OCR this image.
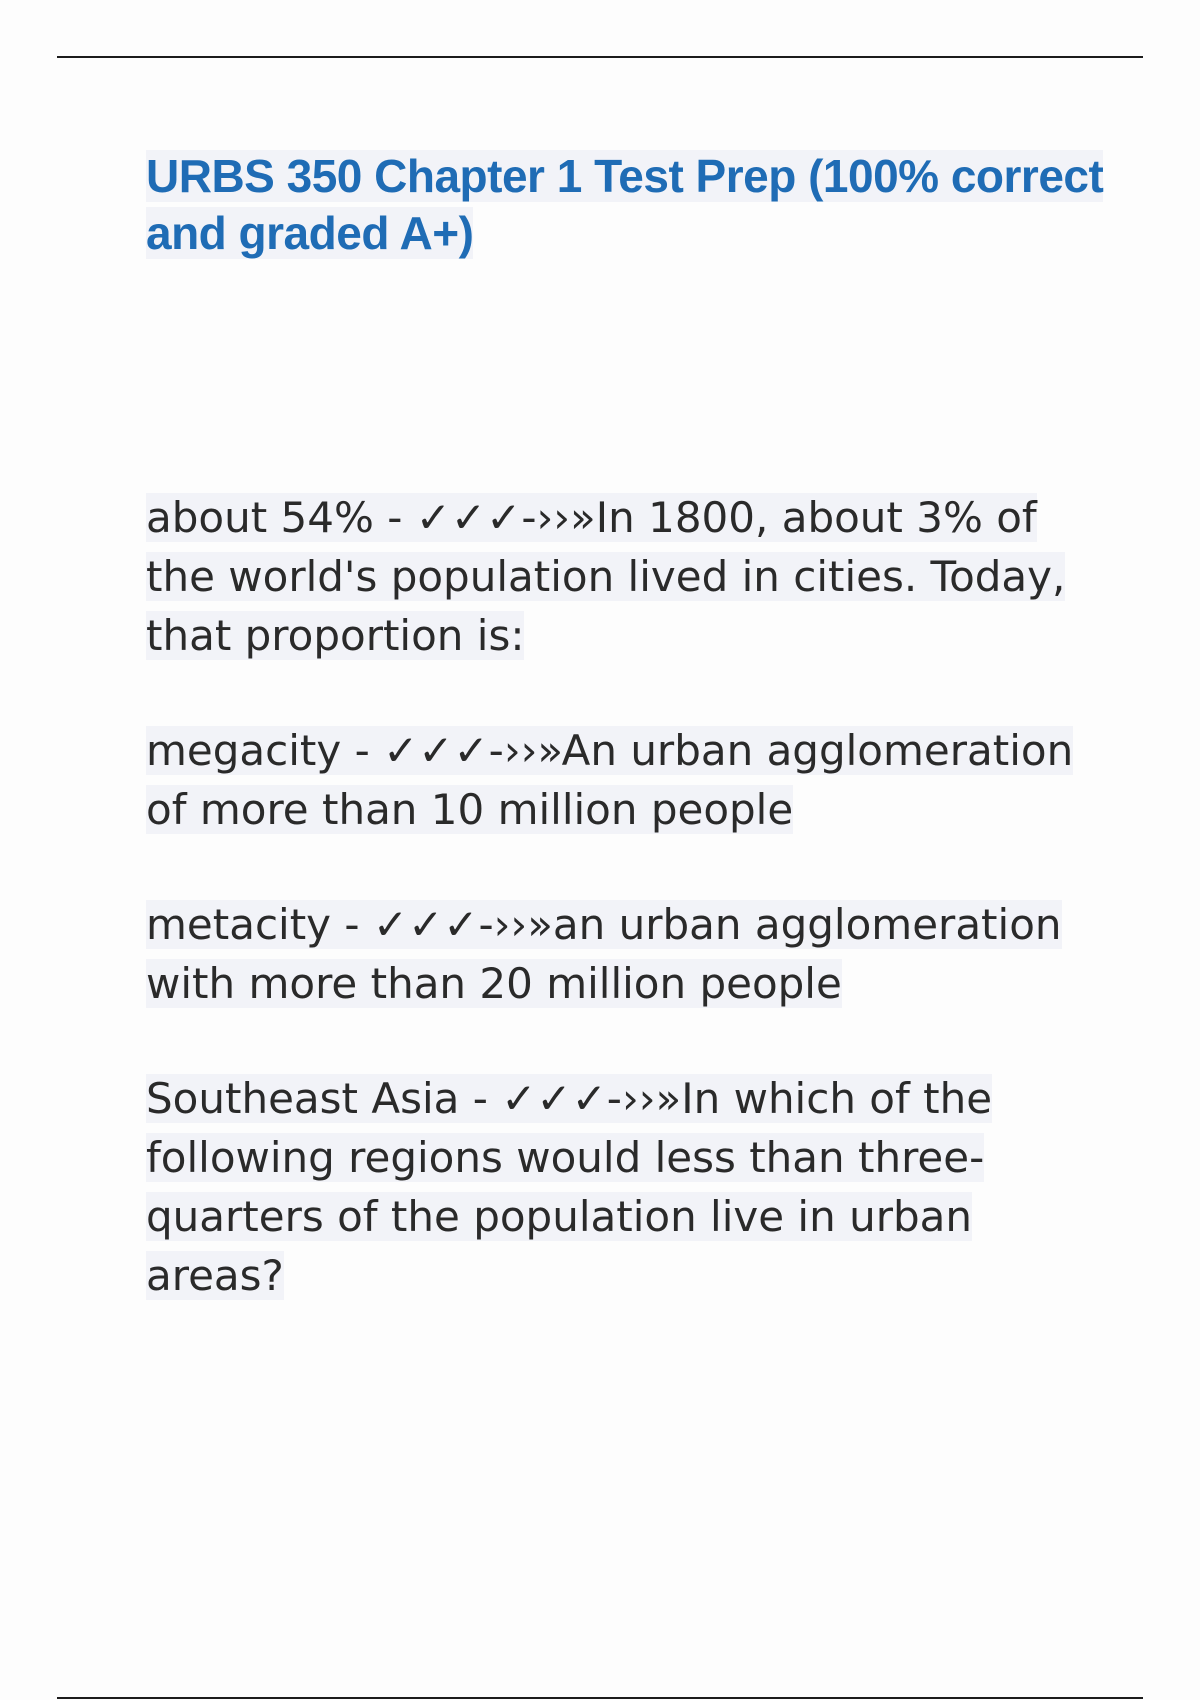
URBS 350 Chapter 1 Test Prep (100% correct and graded A+)

about 54% - ✓✓✓-››»In 1800, about 3% of the world's population lived in cities. Today, that proportion is:

megacity - ✓✓✓-››»An urban agglomeration of more than 10 million people

metacity - ✓✓✓-››»an urban agglomeration with more than 20 million people

Southeast Asia - ✓✓✓-››»In which of the following regions would less than three-quarters of the population live in urban areas?
